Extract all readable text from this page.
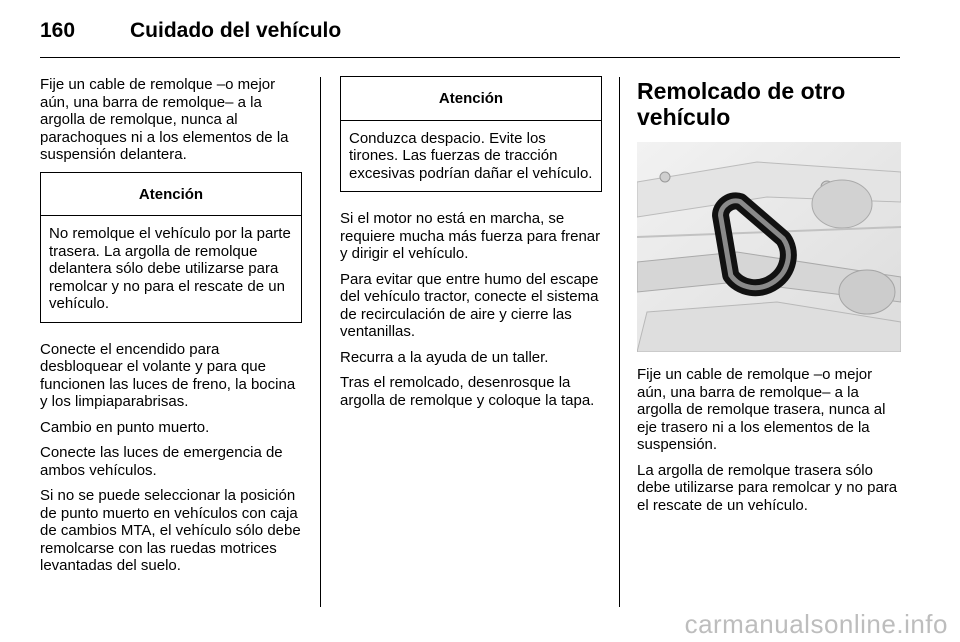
160	Cuidado del vehículo

Fije un cable de remolque –o mejor aún, una barra de remolque– a la argolla de remolque, nunca al parachoques ni a los elementos de la suspensión delantera.

Atención
No remolque el vehículo por la parte trasera. La argolla de remolque delantera sólo debe utilizarse para remolcar y no para el rescate de un vehículo.

Conecte el encendido para desbloquear el volante y para que funcionen las luces de freno, la bocina y los limpiaparabrisas.

Cambio en punto muerto.

Conecte las luces de emergencia de ambos vehículos.

Si no se puede seleccionar la posición de punto muerto en vehículos con caja de cambios MTA, el vehículo sólo debe remolcarse con las ruedas motrices levantadas del suelo.

Atención
Conduzca despacio. Evite los tirones. Las fuerzas de tracción excesivas podrían dañar el vehículo.

Si el motor no está en marcha, se requiere mucha más fuerza para frenar y dirigir el vehículo.

Para evitar que entre humo del escape del vehículo tractor, conecte el sistema de recirculación de aire y cierre las ventanillas.

Recurra a la ayuda de un taller.

Tras el remolcado, desenrosque la argolla de remolque y coloque la tapa.

Remolcado de otro vehículo

Fije un cable de remolque –o mejor aún, una barra de remolque– a la argolla de remolque trasera, nunca al eje trasero ni a los elementos de la suspensión.

La argolla de remolque trasera sólo debe utilizarse para remolcar y no para el rescate de un vehículo.

carmanualsonline.info
